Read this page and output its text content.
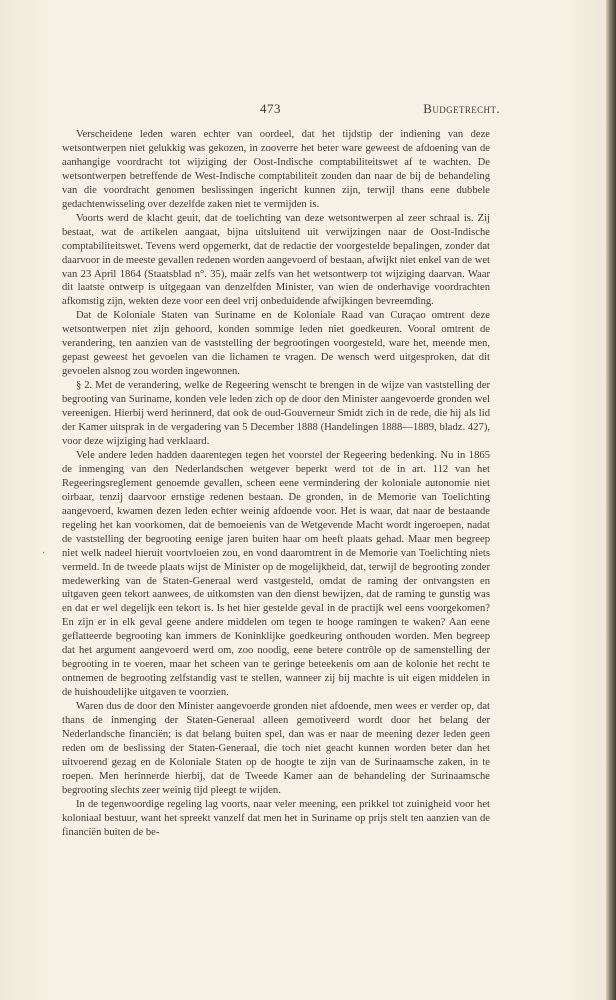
473	Budgetrecht.

Verscheidene leden waren echter van oordeel, dat het tijdstip der indiening van deze wetsontwerpen niet gelukkig was gekozen, in zooverre het beter ware geweest de afdoening van de aanhangige voordracht tot wijziging der Oost-Indische comptabiliteitswet af te wachten. De wetsontwerpen betreffende de West-Indische comptabiliteit zouden dan naar de bij de behandeling van die voordracht genomen beslissingen ingericht kunnen zijn, terwijl thans eene dubbele gedachtenwisseling over dezelfde zaken niet te vermijden is.

Voorts werd de klacht geuit, dat de toelichting van deze wetsontwerpen al zeer schraal is. Zij bestaat, wat de artikelen aangaat, bijna uitsluitend uit verwijzingen naar de Oost-Indische comptabiliteitswet. Tevens werd opgemerkt, dat de redactie der voorgestelde bepalingen, zonder dat daarvoor in de meeste gevallen redenen worden aangevoerd of bestaan, afwijkt niet enkel van de wet van 23 April 1864 (Staatsblad n°. 35), maär zelfs van het wetsontwerp tot wijziging daarvan. Waar dit laatste ontwerp is uitgegaan van denzelfden Minister, van wien de onderhavige voordrachten afkomstig zijn, wekten deze voor een deel vrij onbeduidende afwijkingen bevreemding.

Dat de Koloniale Staten van Suriname en de Koloniale Raad van Curaçao omtrent deze wetsontwerpen niet zijn gehoord, konden sommige leden niet goedkeuren. Vooral omtrent de verandering, ten aanzien van de vaststelling der begrootingen voorgesteld, ware het, meende men, gepast geweest het gevoelen van die lichamen te vragen. De wensch werd uitgesproken, dat dit gevoelen alsnog zou worden ingewonnen.

§ 2. Met de verandering, welke de Regeering wenscht te brengen in de wijze van vaststelling der begrooting van Suriname, konden vele leden zich op de door den Minister aangevoerde gronden wel vereenigen. Hierbij werd herinnerd, dat ook de oud-Gouverneur Smidt zich in de rede, die hij als lid der Kamer uitsprak in de vergadering van 5 December 1888 (Handelingen 1888—1889, bladz. 427), voor deze wijziging had verklaard.

Vele andere leden hadden daarentegen tegen het voorstel der Regeering bedenking. Nu in 1865 de inmenging van den Nederlandschen wetgever beperkt werd tot de in art. 112 van het Regeeringsreglement genoemde gevallen, scheen eene vermindering der koloniale autonomie niet oirbaar, tenzij daarvoor ernstige redenen bestaan. De gronden, in de Memorie van Toelichting aangevoerd, kwamen dezen leden echter weinig afdoende voor. Het is waar, dat naar de bestaande regeling het kan voorkomen, dat de bemoeienis van de Wetgevende Macht wordt ingeroepen, nadat de vaststelling der begrooting eenige jaren buiten haar om heeft plaats gehad. Maar men begreep niet welk nadeel hieruit voortvloeien zou, en vond daaromtrent in de Memorie van Toelichting niets vermeld. In de tweede plaats wijst de Minister op de mogelijkheid, dat, terwijl de begrooting zonder medewerking van de Staten-Generaal werd vastgesteld, omdat de raming der ontvangsten en uitgaven geen tekort aanwees, de uitkomsten van den dienst bewijzen, dat de raming te gunstig was en dat er wel degelijk een tekort is. Is het hier gestelde geval in de practijk wel eens voorgekomen? En zijn er in elk geval geene andere middelen om tegen te hooge ramingen te waken? Aan eene geflatteerde begrooting kan immers de Koninklijke goedkeuring onthouden worden. Men begreep dat het argument aangevoerd werd om, zoo noodig, eene betere contrôle op de samenstelling der begrooting in te voeren, maar het scheen van te geringe beteekenis om aan de kolonie het recht te ontnemen de begrooting zelfstandig vast te stellen, wanneer zij bij machte is uit eigen middelen in de huishoudelijke uitgaven te voorzien.

Waren dus de door den Minister aangevoerde gronden niet afdoende, men wees er verder op, dat thans de inmenging der Staten-Generaal alleen gemotiveerd wordt door het belang der Nederlandsche financiën; is dat belang buiten spel, dan was er naar de meening dezer leden geen reden om de beslissing der Staten-Generaal, die toch niet geacht kunnen worden beter dan het uitvoerend gezag en de Koloniale Staten op de hoogte te zijn van de Surinaamsche zaken, in te roepen. Men herinnerde hierbij, dat de Tweede Kamer aan de behandeling der Surinaamsche begrooting slechts zeer weinig tijd pleegt te wijden.

In de tegenwoordige regeling lag voorts, naar veler meening, een prikkel tot zuinigheid voor het koloniaal bestuur, want het spreekt vanzelf dat men het in Suriname op prijs stelt ten aanzien van de financiën buiten de be-

·
